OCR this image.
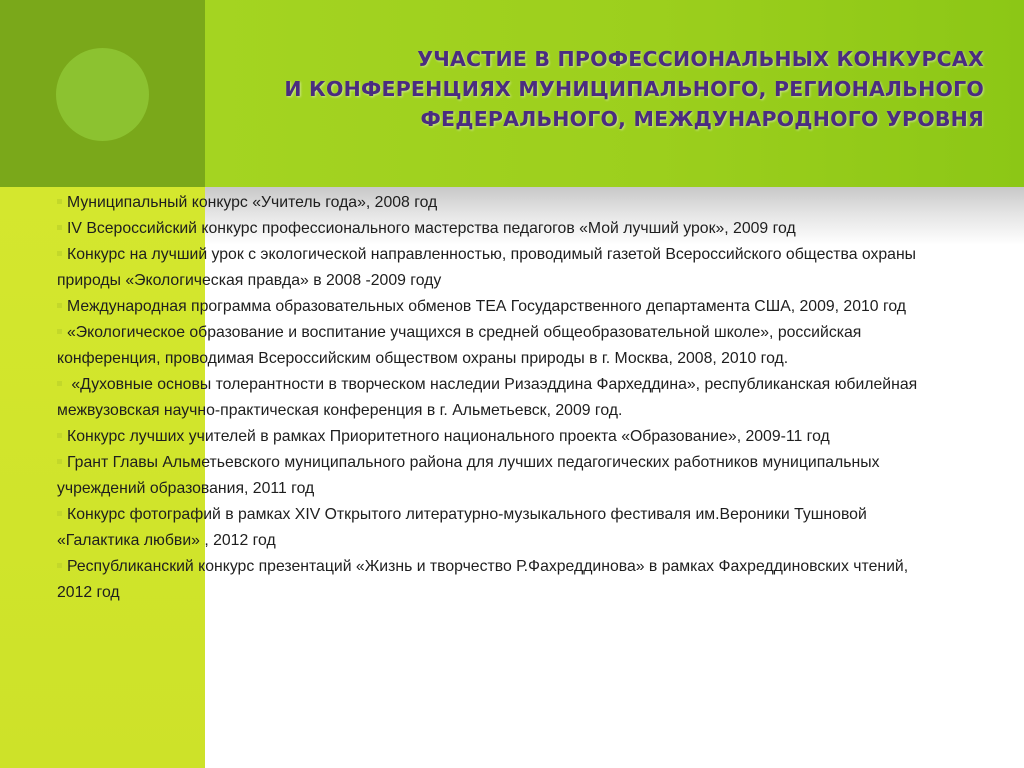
УЧАСТИЕ В ПРОФЕССИОНАЛЬНЫХ КОНКУРСАХ
И КОНФЕРЕНЦИЯХ МУНИЦИПАЛЬНОГО, РЕГИОНАЛЬНОГО
ФЕДЕРАЛЬНОГО, МЕЖДУНАРОДНОГО УРОВНЯ
Муниципальный конкурс «Учитель года», 2008 год
IV Всероссийский конкурс профессионального мастерства педагогов «Мой лучший урок», 2009 год
Конкурс на лучший урок с экологической направленностью, проводимый газетой Всероссийского общества охраны природы «Экологическая правда» в 2008 -2009 году
Международная программа образовательных обменов ТЕА Государственного департамента США, 2009, 2010 год
«Экологическое образование и воспитание учащихся в средней общеобразовательной школе», российская конференция, проводимая Всероссийским обществом охраны природы в г. Москва, 2008, 2010 год.
«Духовные основы толерантности в творческом наследии Ризаэддина Фархеддина», республиканская юбилейная межвузовская научно-практическая конференция в г. Альметьевск, 2009 год.
Конкурс лучших учителей в рамках Приоритетного национального проекта «Образование», 2009-11 год
Грант Главы Альметьевского муниципального района для лучших педагогических работников муниципальных учреждений образования, 2011 год
Конкурс фотографий в рамках XIV Открытого литературно-музыкального фестиваля им.Вероники Тушновой «Галактика любви» , 2012 год
Республиканский конкурс презентаций «Жизнь и творчество Р.Фахреддинова» в рамках Фахреддиновских чтений, 2012 год
